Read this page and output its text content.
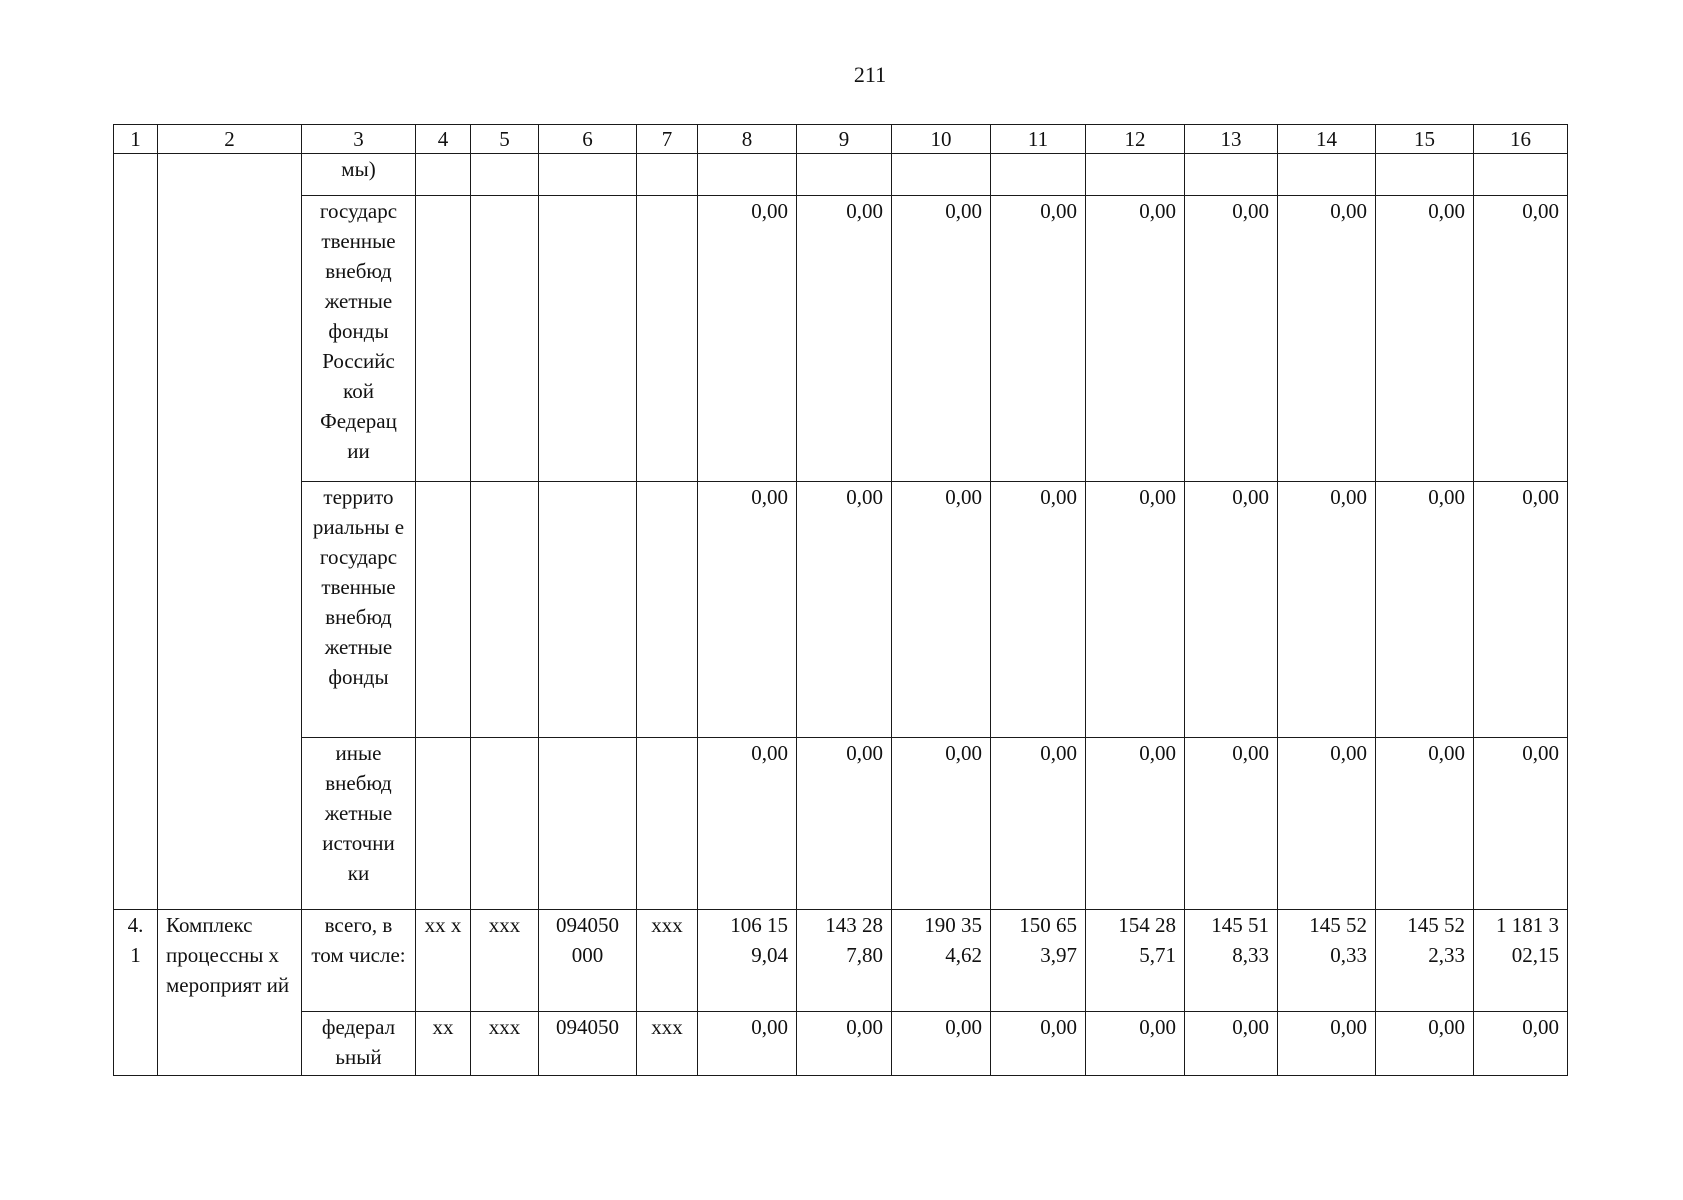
211
1	2	3	4	5	6	7	8	9	10	11	12	13	14	15	16
		мы)													
		государс твенные внебюд жетные фонды Российс кой Федерац ии					0,00	0,00	0,00	0,00	0,00	0,00	0,00	0,00	0,00
		террито риальны е государс твенные внебюд жетные фонды					0,00	0,00	0,00	0,00	0,00	0,00	0,00	0,00	0,00
		иные внебюд жетные источни ки					0,00	0,00	0,00	0,00	0,00	0,00	0,00	0,00	0,00
4. 1	Комплекс процессны х мероприят ий	всего, в том числе:	xx x	xxx	094050 000	xxx	106 15 9,04	143 28 7,80	190 35 4,62	150 65 3,97	154 28 5,71	145 51 8,33	145 52 0,33	145 52 2,33	1 181 3 02,15
		федерал ьный	xx	xxx	094050	xxx	0,00	0,00	0,00	0,00	0,00	0,00	0,00	0,00	0,00
